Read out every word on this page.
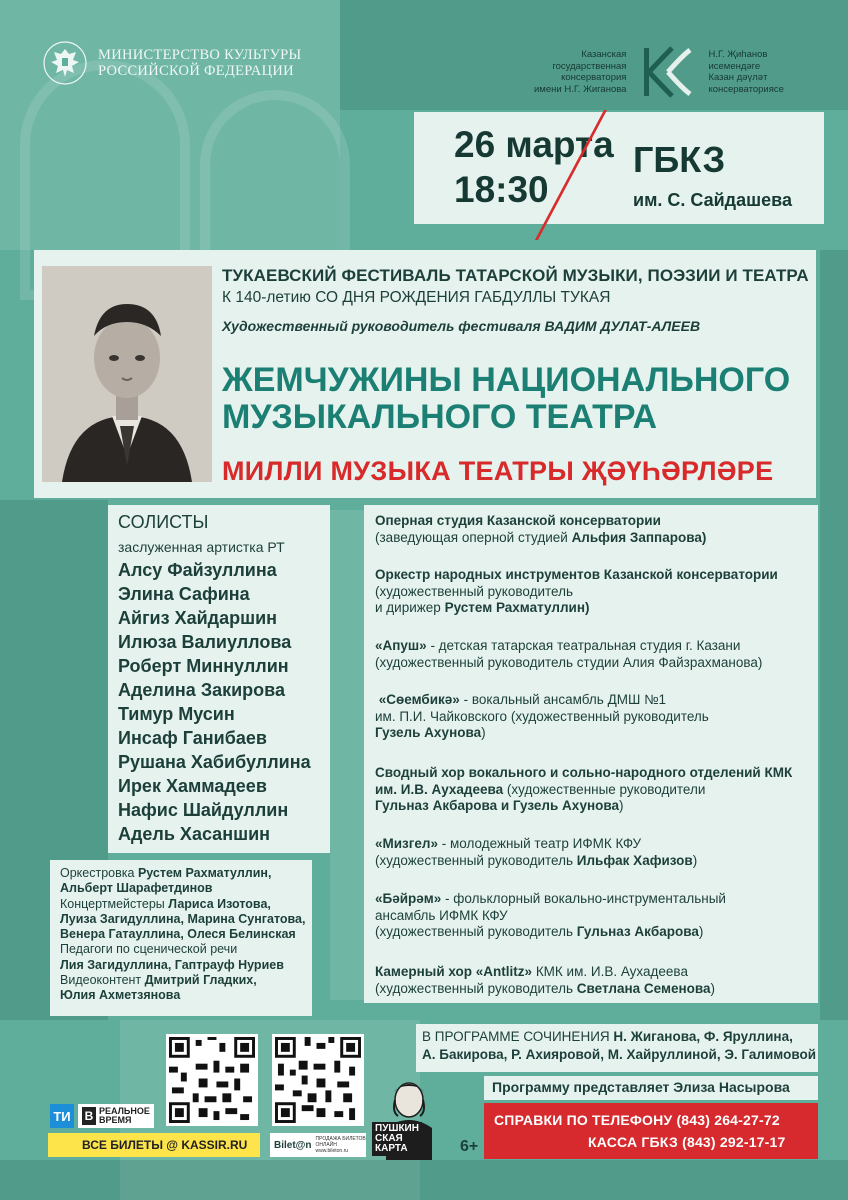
МИНИСТЕРСТВО КУЛЬТУРЫ
РОССИЙСКОЙ ФЕДЕРАЦИИ
Казанская
государственная
консерватория
имени Н.Г. Жиганова
Н.Г. Җиһанов
исемендәге
Казан дәүләт
консерваториясе
26 марта
18:30
ГБКЗ
им. С. Сайдашева
ТУКАЕВСКИЙ ФЕСТИВАЛЬ ТАТАРСКОЙ МУЗЫКИ, ПОЭЗИИ И ТЕАТРА
К 140-летию СО ДНЯ РОЖДЕНИЯ ГАБДУЛЛЫ ТУКАЯ
Художественный руководитель фестиваля ВАДИМ ДУЛАТ-АЛЕЕВ
ЖЕМЧУЖИНЫ НАЦИОНАЛЬНОГО
МУЗЫКАЛЬНОГО ТЕАТРА
МИЛЛИ МУЗЫКА ТЕАТРЫ ҖӘҮҺӘРЛӘРЕ
СОЛИСТЫ
заслуженная артистка РТ
Алсу Файзуллина
Элина Сафина
Айгиз Хайдаршин
Илюза Валиуллова
Роберт Миннуллин
Аделина Закирова
Тимур Мусин
Инсаф Ганибаев
Рушана Хабибуллина
Ирек Хаммадеев
Нафис Шайдуллин
Адель Хасаншин
Оркестровка Рустем Рахматуллин,
Альберт Шарафетдинов
Концертмейстеры Лариса Изотова,
Луиза Загидуллина, Марина Сунгатова,
Венера Гатауллина, Олеся Белинская
Педагоги по сценической речи
Лия Загидуллина, Гаптрауф Нуриев
Видеоконтент Дмитрий Гладких,
Юлия Ахметзянова
Оперная студия Казанской консерватории
(заведующая оперной студией Альфия Заппарова)
Оркестр народных инструментов Казанской консерватории
(художественный руководитель
и дирижер Рустем Рахматуллин)
«Апуш» - детская татарская театральная студия г. Казани
(художественный руководитель студии Алия Файзрахманова)
«Сөембикә» - вокальный ансамбль ДМШ №1
им. П.И. Чайковского (художественный руководитель
Гузель Ахунова)
Сводный хор вокального и сольно-народного отделений КМК
им. И.В. Аухадеева (художественные руководители
Гульназ Акбарова и Гузель Ахунова)
«Мизгел» - молодежный театр ИФМК КФУ
(художественный руководитель Ильфак Хафизов)
«Бәйрәм» - фольклорный вокально-инструментальный
ансамбль ИФМК КФУ
(художественный руководитель Гульназ Акбарова)
Камерный хор «Antlitz» КМК им. И.В. Аухадеева
(художественный руководитель Светлана Семенова)
В ПРОГРАММЕ СОЧИНЕНИЯ Н. Жиганова, Ф. Яруллина,
А. Бакирова, Р. Ахияровой, М. Хайруллиной, Э. Галимовой
Программу представляет Элиза Насырова
СПРАВКИ ПО ТЕЛЕФОНУ (843) 264-27-72
КАССА ГБКЗ (843) 292-17-17
ТИ В РЕАЛЬНОЕ
ВРЕМЯ
ВСЕ БИЛЕТЫ @ KASSIR.RU	Bilet@n
ПРОДАЖА БИЛЕТОВ ОНЛАЙН
www.bileton.ru
ПУШКИН
СКАЯ
КАРТА	6+
